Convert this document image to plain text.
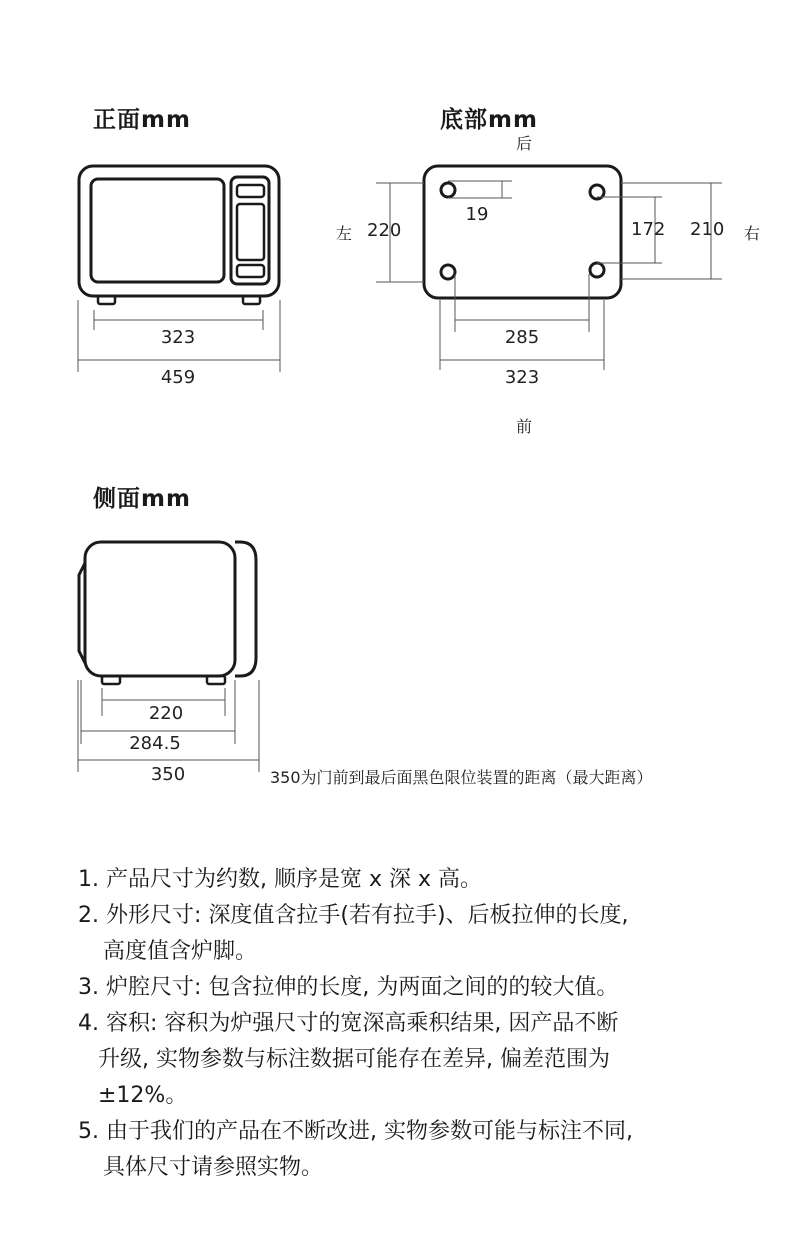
正面mm
323
459
底部mm
后
前
左	右
220
19
172 210
285
323
侧面mm
220
284.5
350	350为门前到最后面黑色限位装置的距离（最大距离）
1. 产品尺寸为约数, 顺序是宽 x 深 x 高。
2. 外形尺寸: 深度值含拉手(若有拉手)、后板拉伸的长度,
高度值含炉脚。
3. 炉腔尺寸: 包含拉伸的长度, 为两面之间的的较大值。
4. 容积: 容积为炉强尺寸的宽深高乘积结果, 因产品不断
升级, 实物参数与标注数据可能存在差异, 偏差范围为
±12%。
5. 由于我们的产品在不断改进, 实物参数可能与标注不同,
具体尺寸请参照实物。
